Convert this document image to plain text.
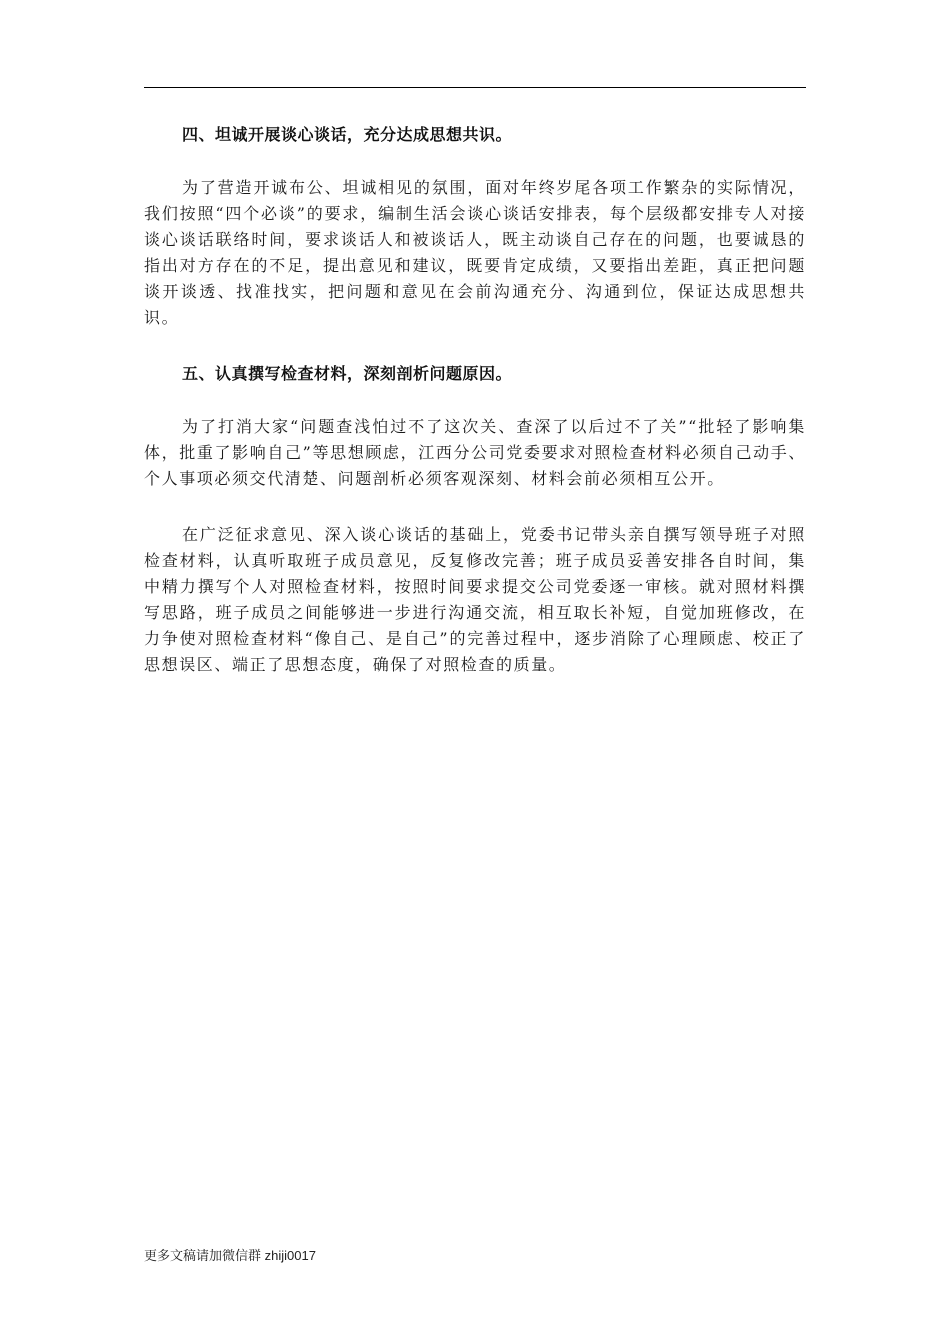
四、坦诚开展谈心谈话，充分达成思想共识。

为了营造开诚布公、坦诚相见的氛围，面对年终岁尾各项工作繁杂的实际情况，我们按照“四个必谈”的要求，编制生活会谈心谈话安排表，每个层级都安排专人对接谈心谈话联络时间，要求谈话人和被谈话人，既主动谈自己存在的问题，也要诚恳的指出对方存在的不足，提出意见和建议，既要肯定成绩，又要指出差距，真正把问题谈开谈透、找准找实，把问题和意见在会前沟通充分、沟通到位，保证达成思想共识。

五、认真撰写检查材料，深刻剖析问题原因。

为了打消大家“问题查浅怕过不了这次关、查深了以后过不了关”“批轻了影响集体，批重了影响自己”等思想顾虑，江西分公司党委要求对照检查材料必须自己动手、个人事项必须交代清楚、问题剖析必须客观深刻、材料会前必须相互公开。

在广泛征求意见、深入谈心谈话的基础上，党委书记带头亲自撰写领导班子对照检查材料，认真听取班子成员意见，反复修改完善；班子成员妥善安排各自时间，集中精力撰写个人对照检查材料，按照时间要求提交公司党委逐一审核。就对照材料撰写思路，班子成员之间能够进一步进行沟通交流，相互取长补短，自觉加班修改，在力争使对照检查材料“像自己、是自己”的完善过程中，逐步消除了心理顾虑、校正了思想误区、端正了思想态度，确保了对照检查的质量。

更多文稿请加微信群 zhiji0017
